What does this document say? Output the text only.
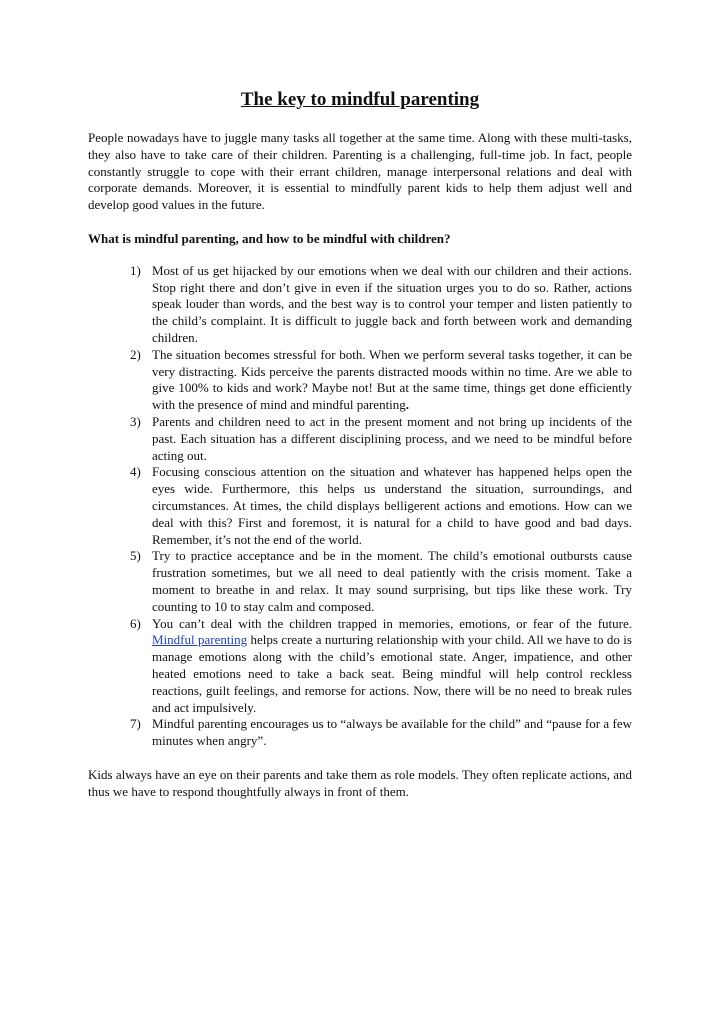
The key to mindful parenting

People nowadays have to juggle many tasks all together at the same time. Along with these multi-tasks, they also have to take care of their children. Parenting is a challenging, full-time job. In fact, people constantly struggle to cope with their errant children, manage interpersonal relations and deal with corporate demands. Moreover, it is essential to mindfully parent kids to help them adjust well and develop good values in the future.

What is mindful parenting, and how to be mindful with children?

1) Most of us get hijacked by our emotions when we deal with our children and their actions. Stop right there and don’t give in even if the situation urges you to do so. Rather, actions speak louder than words, and the best way is to control your temper and listen patiently to the child’s complaint. It is difficult to juggle back and forth between work and demanding children.
2) The situation becomes stressful for both. When we perform several tasks together, it can be very distracting. Kids perceive the parents distracted moods within no time. Are we able to give 100% to kids and work? Maybe not! But at the same time, things get done efficiently with the presence of mind and mindful parenting.
3) Parents and children need to act in the present moment and not bring up incidents of the past. Each situation has a different disciplining process, and we need to be mindful before acting out.
4) Focusing conscious attention on the situation and whatever has happened helps open the eyes wide. Furthermore, this helps us understand the situation, surroundings, and circumstances. At times, the child displays belligerent actions and emotions. How can we deal with this? First and foremost, it is natural for a child to have good and bad days. Remember, it’s not the end of the world.
5) Try to practice acceptance and be in the moment. The child’s emotional outbursts cause frustration sometimes, but we all need to deal patiently with the crisis moment. Take a moment to breathe in and relax. It may sound surprising, but tips like these work. Try counting to 10 to stay calm and composed.
6) You can’t deal with the children trapped in memories, emotions, or fear of the future. Mindful parenting helps create a nurturing relationship with your child. All we have to do is manage emotions along with the child’s emotional state. Anger, impatience, and other heated emotions need to take a back seat. Being mindful will help control reckless reactions, guilt feelings, and remorse for actions. Now, there will be no need to break rules and act impulsively.
7) Mindful parenting encourages us to “always be available for the child” and “pause for a few minutes when angry”.

Kids always have an eye on their parents and take them as role models. They often replicate actions, and thus we have to respond thoughtfully always in front of them.
